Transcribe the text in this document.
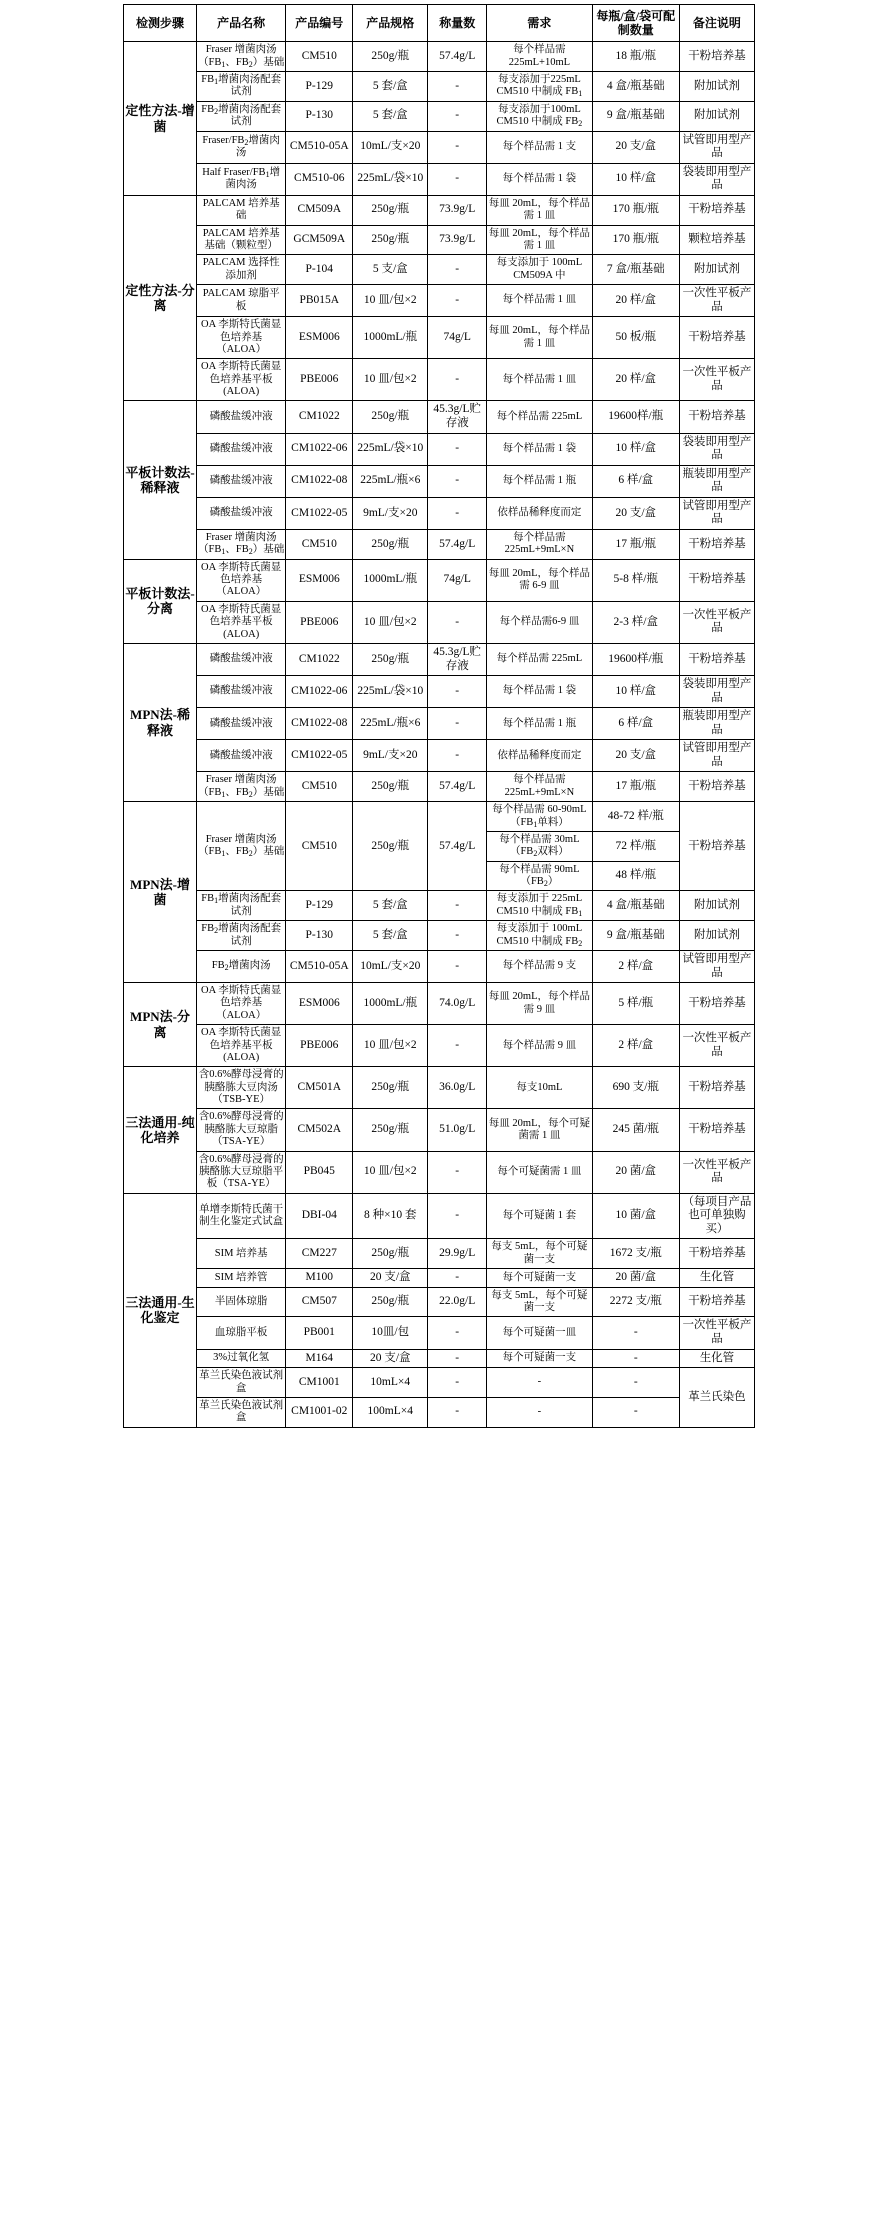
检测步骤	产品名称	产品编号	产品规格	称量数	需求	每瓶/盒/袋可配制数量	备注说明
定性方法-增菌	Fraser 增菌肉汤（$FB_1$、$FB_2$）基础	CM510	250g/瓶	57.4g/L	每个样品需225mL+10mL	18 瓶/瓶	干粉培养基
	$FB_1$增菌肉汤配套试剂	P-129	5 套/盒	-	每支添加于225mL CM510 中制成 $FB_1$	4 盒/瓶基础	附加试剂
	$FB_2$增菌肉汤配套试剂	P-130	5 套/盒	-	每支添加于100mL CM510 中制成 $FB_2$	9 盒/瓶基础	附加试剂
	Fraser/$FB_2$增菌肉汤	CM510-05A	10mL/支×20	-	每个样品需 1 支	20 支/盒	试管即用型产品
	Half Fraser/$FB_1$增菌肉汤	CM510-06	225mL/袋×10	-	每个样品需 1 袋	10 样/盒	袋装即用型产品
定性方法-分离	PALCAM 培养基础	CM509A	250g/瓶	73.9g/L	每皿 20mL，每个样品需 1 皿	170 瓶/瓶	干粉培养基
	PALCAM 培养基基础（颗粒型）	GCM509A	250g/瓶	73.9g/L	每皿 20mL，每个样品需 1 皿	170 瓶/瓶	颗粒培养基
	PALCAM 选择性添加剂	P-104	5 支/盒	-	每支添加于 100mL CM509A 中	7 盒/瓶基础	附加试剂
	PALCAM 琼脂平板	PB015A	10 皿/包×2	-	每个样品需 1 皿	20 样/盒	一次性平板产品
	OA 李斯特氏菌显色培养基（ALOA）	ESM006	1000mL/瓶	74g/L	每皿 20mL，每个样品需 1 皿	50 板/瓶	干粉培养基
	OA 李斯特氏菌显色培养基平板(ALOA)	PBE006	10 皿/包×2	-	每个样品需 1 皿	20 样/盒	一次性平板产品
平板计数法-稀释液	磷酸盐缓冲液	CM1022	250g/瓶	45.3g/L贮存液	每个样品需 225mL	19600样/瓶	干粉培养基
	磷酸盐缓冲液	CM1022-06	225mL/袋×10	-	每个样品需 1 袋	10 样/盒	袋装即用型产品
	磷酸盐缓冲液	CM1022-08	225mL/瓶×6	-	每个样品需 1 瓶	6 样/盒	瓶装即用型产品
	磷酸盐缓冲液	CM1022-05	9mL/支×20	-	依样品稀释度而定	20 支/盒	试管即用型产品
	Fraser 增菌肉汤（$FB_1$、$FB_2$）基础	CM510	250g/瓶	57.4g/L	每个样品需 225mL+9mL×N	17 瓶/瓶	干粉培养基
平板计数法-分离	OA 李斯特氏菌显色培养基（ALOA）	ESM006	1000mL/瓶	74g/L	每皿 20mL，每个样品需 6-9 皿	5-8 样/瓶	干粉培养基
	OA 李斯特氏菌显色培养基平板(ALOA)	PBE006	10 皿/包×2	-	每个样品需6-9 皿	2-3 样/盒	一次性平板产品
MPN法-稀释液	磷酸盐缓冲液	CM1022	250g/瓶	45.3g/L贮存液	每个样品需 225mL	19600样/瓶	干粉培养基
	磷酸盐缓冲液	CM1022-06	225mL/袋×10	-	每个样品需 1 袋	10 样/盒	袋装即用型产品
	磷酸盐缓冲液	CM1022-08	225mL/瓶×6	-	每个样品需 1 瓶	6 样/盒	瓶装即用型产品
	磷酸盐缓冲液	CM1022-05	9mL/支×20	-	依样品稀释度而定	20 支/盒	试管即用型产品
	Fraser 增菌肉汤（$FB_1$、$FB_2$）基础	CM510	250g/瓶	57.4g/L	每个样品需 225mL+9mL×N	17 瓶/瓶	干粉培养基
MPN法-增菌	Fraser 增菌肉汤（$FB_1$、$FB_2$）基础	CM510	250g/瓶	57.4g/L	每个样品需 $60-90mL(FB_1$单料）	48-72 样/瓶	干粉培养基
					每个样品需 $30mL(FB_2$双料）	72 样/瓶	
					每个样品需 $90mL(FB_2)$	48 样/瓶	
	$FB_1$增菌肉汤配套试剂	P-129	5 套/盒	-	每支添加于 225mL CM510 中制成 $FB_1$	4 盒/瓶基础	附加试剂
	$FB_2$增菌肉汤配套试剂	P-130	5 套/盒	-	每支添加于 100mL CM510 中制成 $FB_2$	9 盒/瓶基础	附加试剂
	$FB_2$增菌肉汤	CM510-05A	10mL/支×20	-	每个样品需 9 支	2 样/盒	试管即用型产品
MPN法-分离	OA 李斯特氏菌显色培养基（ALOA）	ESM006	1000mL/瓶	74.0g/L	每皿 20mL，每个样品需 9 皿	5 样/瓶	干粉培养基
	OA 李斯特氏菌显色培养基平板(ALOA)	PBE006	10 皿/包×2	-	每个样品需 9 皿	2 样/盒	一次性平板产品
三法通用-纯化培养	含0.6%酵母浸膏的胰酪胨大豆肉汤（TSB-YE）	CM501A	250g/瓶	36.0g/L	每支10mL	690 支/瓶	干粉培养基
	含0.6%酵母浸膏的胰酪胨大豆琼脂（TSA-YE）	CM502A	250g/瓶	51.0g/L	每皿 20mL，每个可疑菌需 1 皿	245 菌/瓶	干粉培养基
	含0.6%酵母浸膏的胰酪胨大豆琼脂平板（TSA-YE）	PB045	10 皿/包×2	-	每个可疑菌需 1 皿	20 菌/盒	一次性平板产品
三法通用-生化鉴定	单增李斯特氏菌干制生化鉴定式试盒	DBI-04	8 种×10 套	-	每个可疑菌 1 套	10 菌/盒	（每项目产品也可单独购买）
	SIM 培养基	CM227	250g/瓶	29.9g/L	每支 5mL，每个可疑菌一支	1672 支/瓶	干粉培养基
	SIM 培养管	M100	20 支/盒	-	每个可疑菌一支	20 菌/盒	生化管
	半固体琼脂	CM507	250g/瓶	22.0g/L	每支 5mL，每个可疑菌一支	2272 支/瓶	干粉培养基
	血琼脂平板	PB001	10皿/包	-	每个可疑菌一皿	-	一次性平板产品
	3%过氧化氢	M164	20 支/盒	-	每个可疑菌一支	-	生化管
	革兰氏染色液试剂盒	CM1001	10mL×4	-	-	-	革兰氏染色
	革兰氏染色液试剂盒	CM1001-02	100mL×4	-	-	-	
